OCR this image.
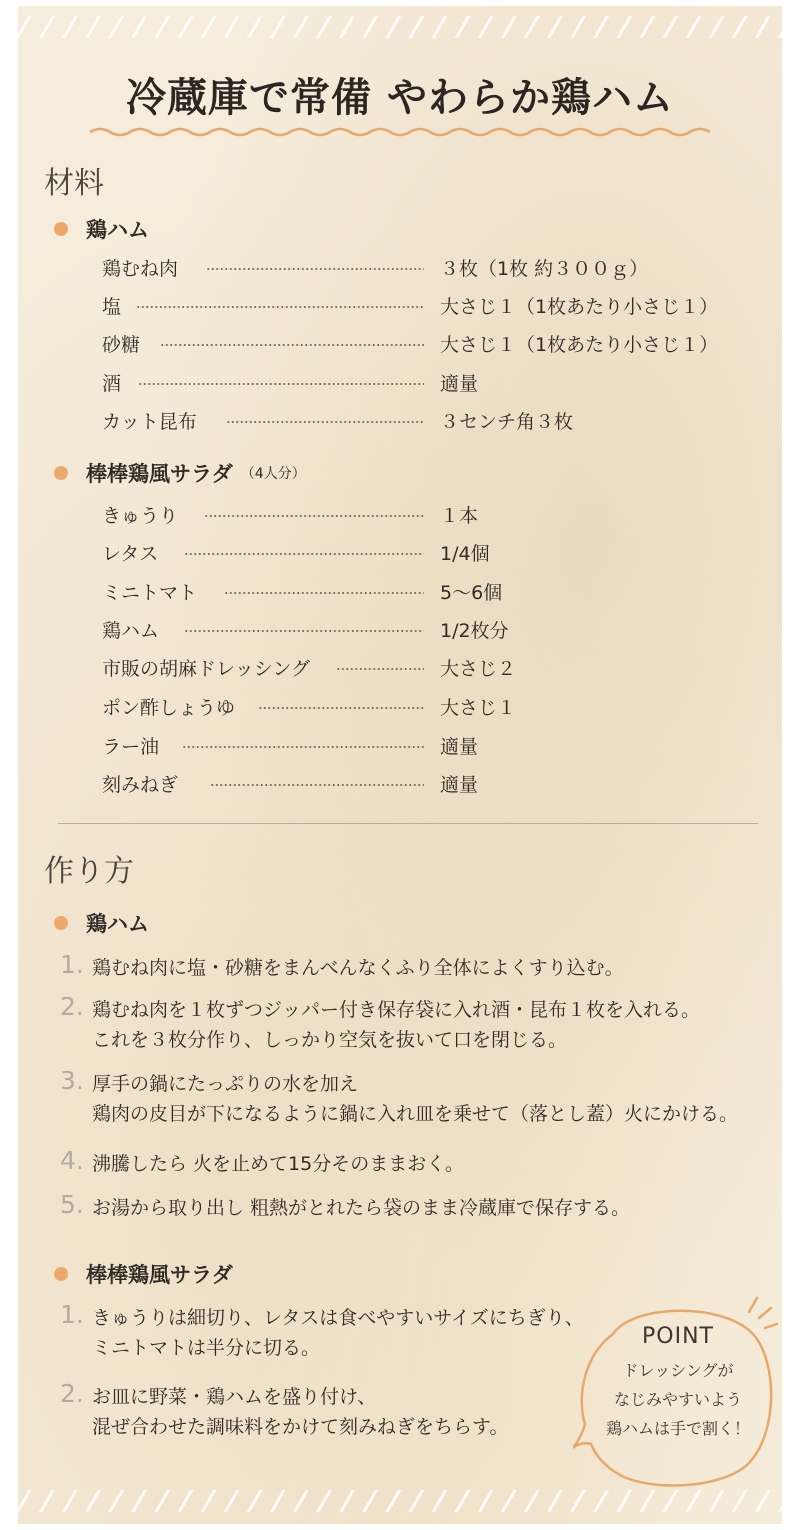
冷蔵庫で常備 やわらか鶏ハム
材料
鶏ハム
鶏むね肉	３枚（1枚 約３００ｇ）
塩	大さじ１（1枚あたり小さじ１）
砂糖	大さじ１（1枚あたり小さじ１）
酒	適量
カット昆布	３センチ角３枚
棒棒鶏風サラダ （4人分）
きゅうり	１本
レタス	1/4個
ミニトマト	5〜6個
鶏ハム	1/2枚分
市販の胡麻ドレッシング	大さじ２
ポン酢しょうゆ	大さじ１
ラー油	適量
刻みねぎ	適量
作り方
鶏ハム
1. 鶏むね肉に塩・砂糖をまんべんなくふり全体によくすり込む。
2. 鶏むね肉を１枚ずつジッパー付き保存袋に入れ酒・昆布１枚を入れる。
これを３枚分作り、しっかり空気を抜いて口を閉じる。
3. 厚手の鍋にたっぷりの水を加え
鶏肉の皮目が下になるように鍋に入れ皿を乗せて（落とし蓋）火にかける。
4. 沸騰したら 火を止めて15分そのままおく。
5. お湯から取り出し 粗熱がとれたら袋のまま冷蔵庫で保存する。
棒棒鶏風サラダ
1. きゅうりは細切り、レタスは食べやすいサイズにちぎり、
ミニトマトは半分に切る。
2. お皿に野菜・鶏ハムを盛り付け、
混ぜ合わせた調味料をかけて刻みねぎをちらす。
POINT
ドレッシングが
なじみやすいよう
鶏ハムは手で割く！
